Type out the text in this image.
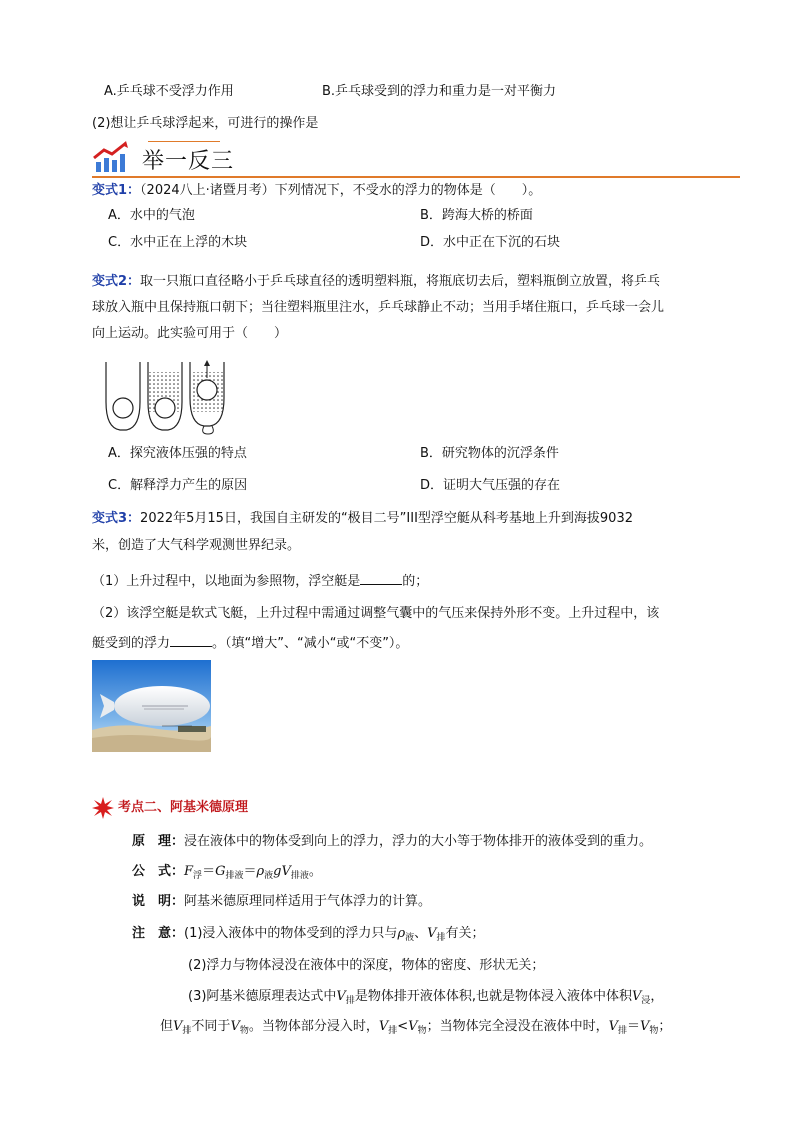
A.乒乓球不受浮力作用	B.乒乓球受到的浮力和重力是一对平衡力
(2)想让乒乓球浮起来，可进行的操作是
举一反三
变式1：（2024八上·诸暨月考）下列情况下，不受水的浮力的物体是（　　）。
A．水中的气泡	B．跨海大桥的桥面
C．水中正在上浮的木块	D．水中正在下沉的石块
变式2：取一只瓶口直径略小于乒乓球直径的透明塑料瓶，将瓶底切去后，塑料瓶倒立放置，将乒乓
球放入瓶中且保持瓶口朝下；当往塑料瓶里注水，乒乓球静止不动；当用手堵住瓶口，乒乓球一会儿
向上运动。此实验可用于（　　）
A．探究液体压强的特点	B．研究物体的沉浮条件
C．解释浮力产生的原因	D．证明大气压强的存在
变式3：2022年5月15日，我国自主研发的“极目二号”III型浮空艇从科考基地上升到海拔9032
米，创造了大气科学观测世界纪录。
（1）上升过程中，以地面为参照物，浮空艇是	的；
（2）该浮空艇是软式飞艇，上升过程中需通过调整气囊中的气压来保持外形不变。上升过程中，该
艇受到的浮力	。（填“增大”、“减小“或“不变”）。
考点二、阿基米德原理
原　理：浸在液体中的物体受到向上的浮力，浮力的大小等于物体排开的液体受到的重力。
公　式：$F_浮=G_{排液}=\rho_液gV_{排液}$。
说　明：阿基米德原理同样适用于气体浮力的计算。
注　意：(1)浸入液体中的物体受到的浮力只与$\rho_液$、$V_排$有关；
(2)浮力与物体浸没在液体中的深度，物体的密度、形状无关；
(3)阿基米德原理表达式中$V_排$是物体排开液体体积,也就是物体浸入液体中体积$V_浸$，
但$V_排$不同于$V_物$。当物体部分浸入时，$V_排<V_物$；当物体完全浸没在液体中时，$V_排=V_物$；
